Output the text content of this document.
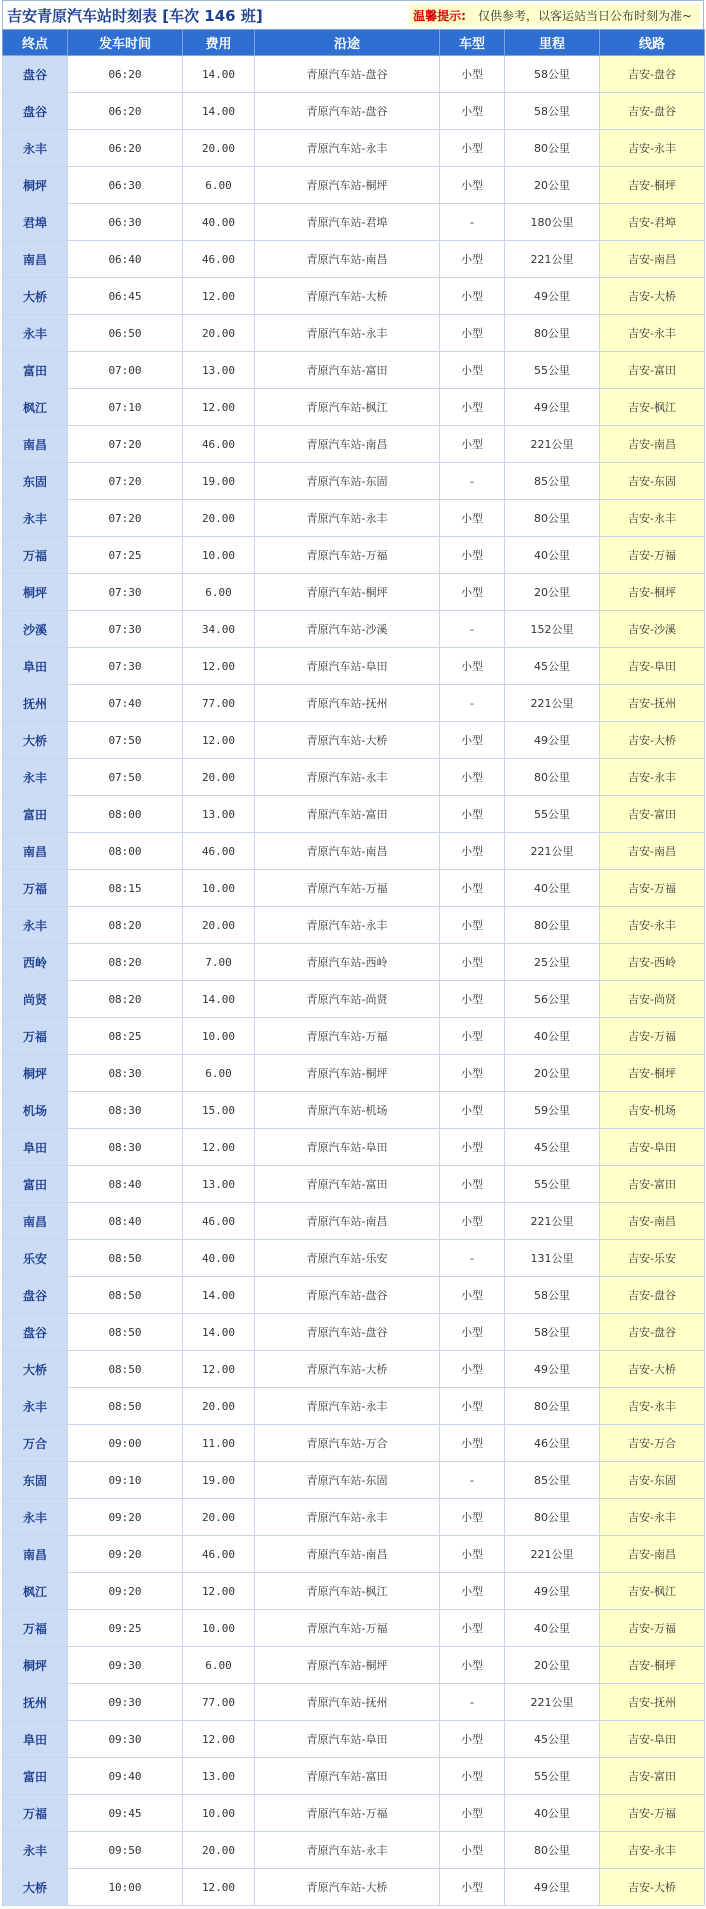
吉安青原汽车站时刻表 [车次 146 班]	温馨提示: 仅供参考，以客运站当日公布时刻为准~
终点	发车时间	费用	沿途	车型	里程	线路
盘谷	06:20	14.00	青原汽车站-盘谷	小型	58公里	吉安-盘谷
盘谷	06:20	14.00	青原汽车站-盘谷	小型	58公里	吉安-盘谷
永丰	06:20	20.00	青原汽车站-永丰	小型	80公里	吉安-永丰
桐坪	06:30	6.00	青原汽车站-桐坪	小型	20公里	吉安-桐坪
君埠	06:30	40.00	青原汽车站-君埠	-	180公里	吉安-君埠
南昌	06:40	46.00	青原汽车站-南昌	小型	221公里	吉安-南昌
大桥	06:45	12.00	青原汽车站-大桥	小型	49公里	吉安-大桥
永丰	06:50	20.00	青原汽车站-永丰	小型	80公里	吉安-永丰
富田	07:00	13.00	青原汽车站-富田	小型	55公里	吉安-富田
枫江	07:10	12.00	青原汽车站-枫江	小型	49公里	吉安-枫江
南昌	07:20	46.00	青原汽车站-南昌	小型	221公里	吉安-南昌
东固	07:20	19.00	青原汽车站-东固	-	85公里	吉安-东固
永丰	07:20	20.00	青原汽车站-永丰	小型	80公里	吉安-永丰
万福	07:25	10.00	青原汽车站-万福	小型	40公里	吉安-万福
桐坪	07:30	6.00	青原汽车站-桐坪	小型	20公里	吉安-桐坪
沙溪	07:30	34.00	青原汽车站-沙溪	-	152公里	吉安-沙溪
阜田	07:30	12.00	青原汽车站-阜田	小型	45公里	吉安-阜田
抚州	07:40	77.00	青原汽车站-抚州	-	221公里	吉安-抚州
大桥	07:50	12.00	青原汽车站-大桥	小型	49公里	吉安-大桥
永丰	07:50	20.00	青原汽车站-永丰	小型	80公里	吉安-永丰
富田	08:00	13.00	青原汽车站-富田	小型	55公里	吉安-富田
南昌	08:00	46.00	青原汽车站-南昌	小型	221公里	吉安-南昌
万福	08:15	10.00	青原汽车站-万福	小型	40公里	吉安-万福
永丰	08:20	20.00	青原汽车站-永丰	小型	80公里	吉安-永丰
西岭	08:20	7.00	青原汽车站-西岭	小型	25公里	吉安-西岭
尚贤	08:20	14.00	青原汽车站-尚贤	小型	56公里	吉安-尚贤
万福	08:25	10.00	青原汽车站-万福	小型	40公里	吉安-万福
桐坪	08:30	6.00	青原汽车站-桐坪	小型	20公里	吉安-桐坪
机场	08:30	15.00	青原汽车站-机场	小型	59公里	吉安-机场
阜田	08:30	12.00	青原汽车站-阜田	小型	45公里	吉安-阜田
富田	08:40	13.00	青原汽车站-富田	小型	55公里	吉安-富田
南昌	08:40	46.00	青原汽车站-南昌	小型	221公里	吉安-南昌
乐安	08:50	40.00	青原汽车站-乐安	-	131公里	吉安-乐安
盘谷	08:50	14.00	青原汽车站-盘谷	小型	58公里	吉安-盘谷
盘谷	08:50	14.00	青原汽车站-盘谷	小型	58公里	吉安-盘谷
大桥	08:50	12.00	青原汽车站-大桥	小型	49公里	吉安-大桥
永丰	08:50	20.00	青原汽车站-永丰	小型	80公里	吉安-永丰
万合	09:00	11.00	青原汽车站-万合	小型	46公里	吉安-万合
东固	09:10	19.00	青原汽车站-东固	-	85公里	吉安-东固
永丰	09:20	20.00	青原汽车站-永丰	小型	80公里	吉安-永丰
南昌	09:20	46.00	青原汽车站-南昌	小型	221公里	吉安-南昌
枫江	09:20	12.00	青原汽车站-枫江	小型	49公里	吉安-枫江
万福	09:25	10.00	青原汽车站-万福	小型	40公里	吉安-万福
桐坪	09:30	6.00	青原汽车站-桐坪	小型	20公里	吉安-桐坪
抚州	09:30	77.00	青原汽车站-抚州	-	221公里	吉安-抚州
阜田	09:30	12.00	青原汽车站-阜田	小型	45公里	吉安-阜田
富田	09:40	13.00	青原汽车站-富田	小型	55公里	吉安-富田
万福	09:45	10.00	青原汽车站-万福	小型	40公里	吉安-万福
永丰	09:50	20.00	青原汽车站-永丰	小型	80公里	吉安-永丰
大桥	10:00	12.00	青原汽车站-大桥	小型	49公里	吉安-大桥
